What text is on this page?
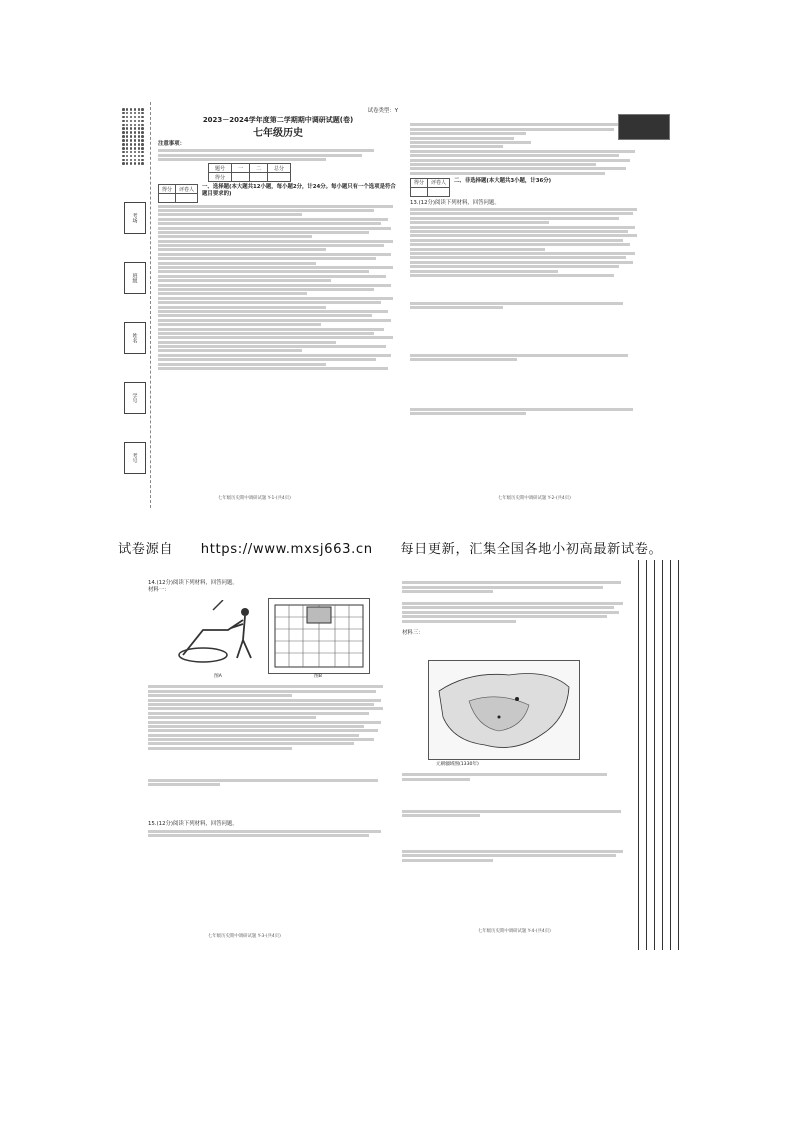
考场
班级
姓名
学号
考号
试卷类型：Y
2023－2024学年度第二学期期中调研试题(卷)
七年级历史
注意事项：
题号	一	二	总分
得分			
得分	评卷人
	一、选择题(本大题共12小题，每小题2分，计24分。每小题只有一个选项是符合题目要求的)
七年级历史期中调研试题 Y-1-(共4页)
得分	评卷人
	二、非选择题(本大题共3小题，计36分)
13.(12分)阅读下列材料，回答问题。
七年级历史期中调研试题 Y-2-(共4页)
试卷源自 https://www.mxsj663.cn 每日更新，汇集全国各地小初高最新试卷。
14.(12分)阅读下列材料，回答问题。
材料一：
图A	图B
15.(12分)阅读下列材料，回答问题。
七年级历史期中调研试题 Y-3-(共4页)
材料三：
元朝疆域图(1330年)
七年级历史期中调研试题 Y-4-(共4页)
